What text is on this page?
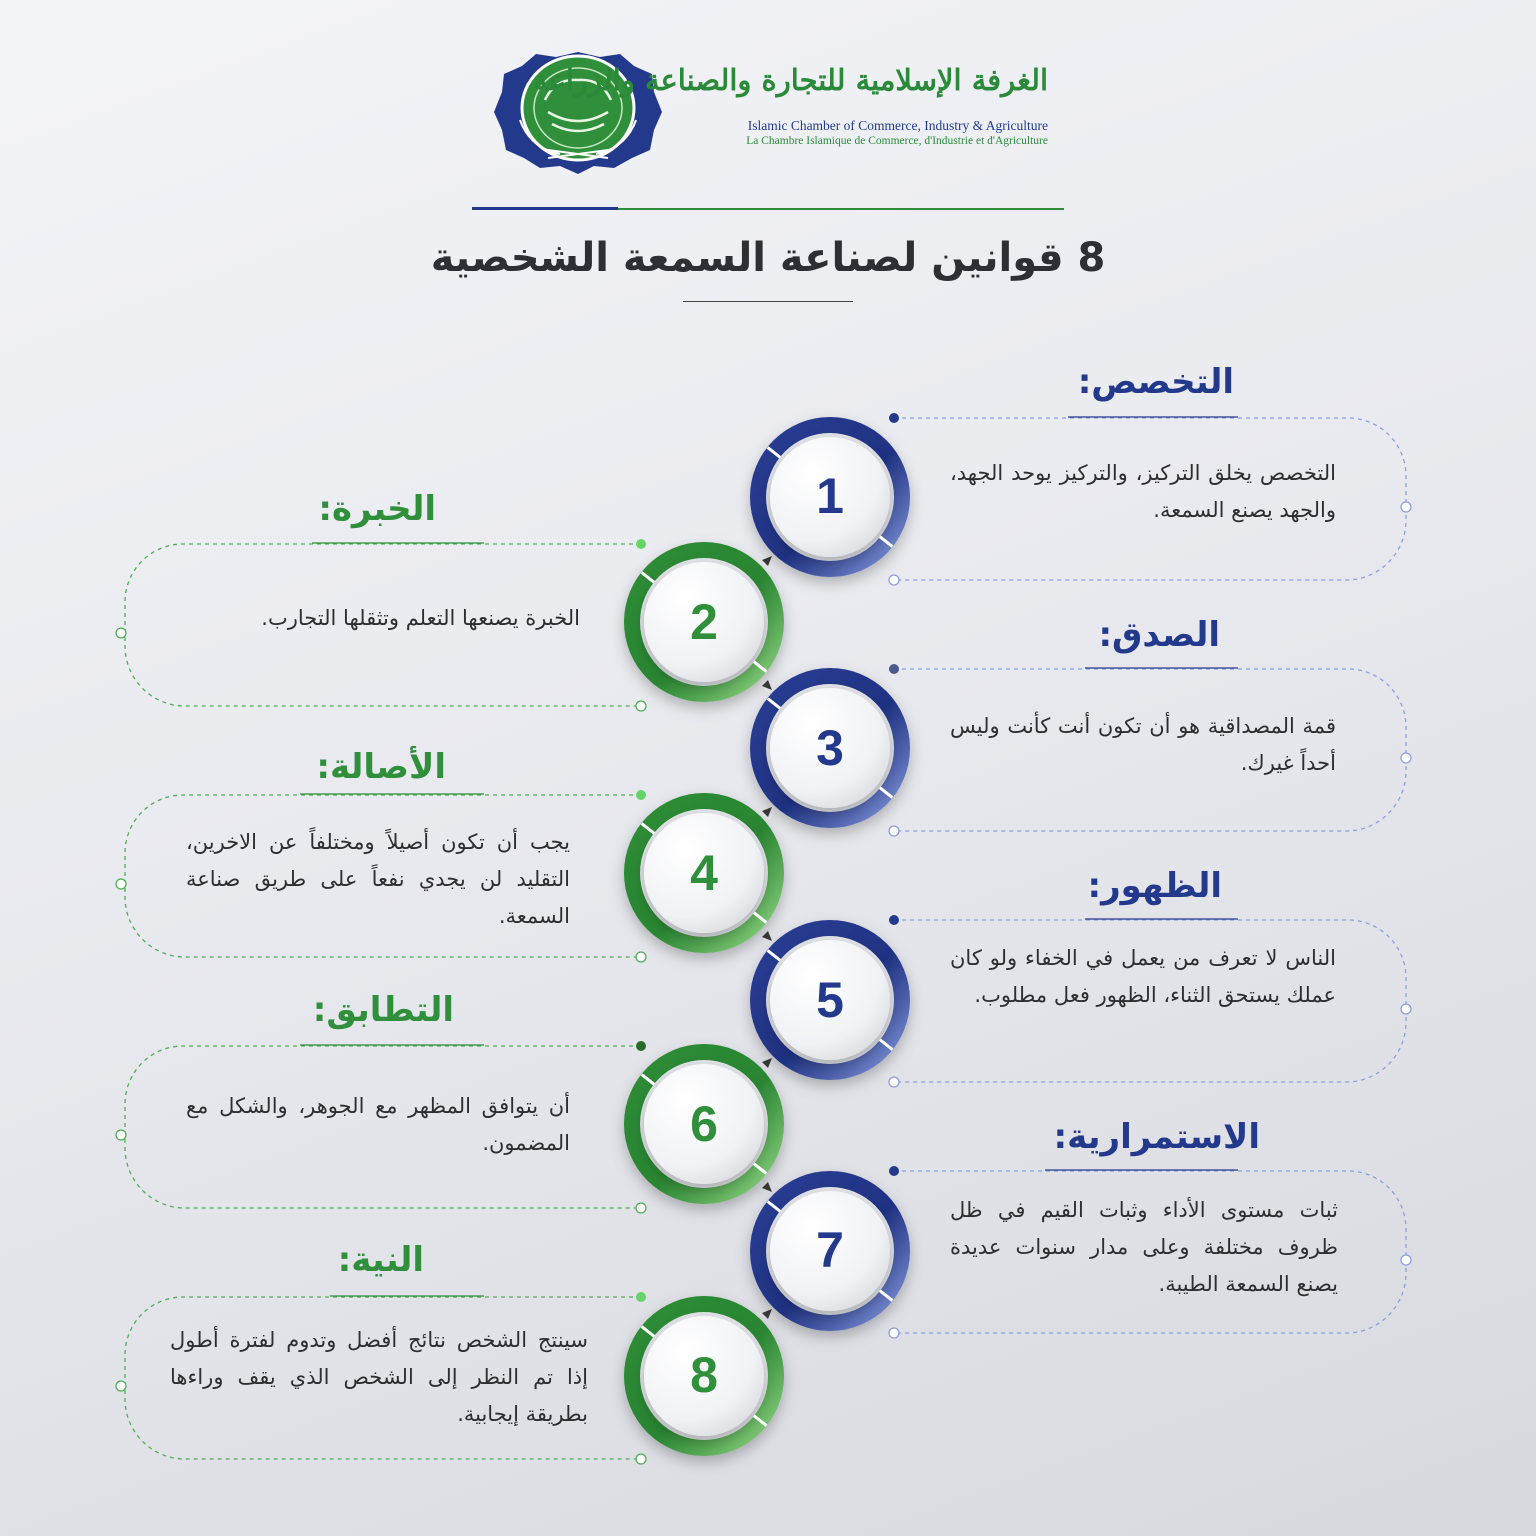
الغرفة الإسلامية للتجارة والصناعة والزراعة
Islamic Chamber of Commerce, Industry & Agriculture
La Chambre Islamique de Commerce, d'Industrie et d'Agriculture
8 قوانين لصناعة السمعة الشخصية
التخصص:
التخصص يخلق التركيز، والتركيز يوحد الجهد، والجهد يصنع السمعة.
1
الخبرة:
الخبرة يصنعها التعلم وتثقلها التجارب.	2	الصدق:
قمة المصداقية هو أن تكون أنت كأنت وليس أحداً غيرك.
3
الأصالة:
يجب أن تكون أصيلاً ومختلفاً عن الاخرين، التقليد لن يجدي نفعاً على طريق صناعة السمعة.
4	الظهور:
الناس لا تعرف من يعمل في الخفاء ولو كان عملك يستحق الثناء، الظهور فعل مطلوب.
5
التطابق:
أن يتوافق المظهر مع الجوهر، والشكل مع المضمون.	6	الاستمرارية:
ثبات مستوى الأداء وثبات القيم في ظل ظروف مختلفة وعلى مدار سنوات عديدة يصنع السمعة الطيبة.
7
النية:
سينتج الشخص نتائج أفضل وتدوم لفترة أطول إذا تم النظر إلى الشخص الذي يقف وراءها بطريقة إيجابية.
8
